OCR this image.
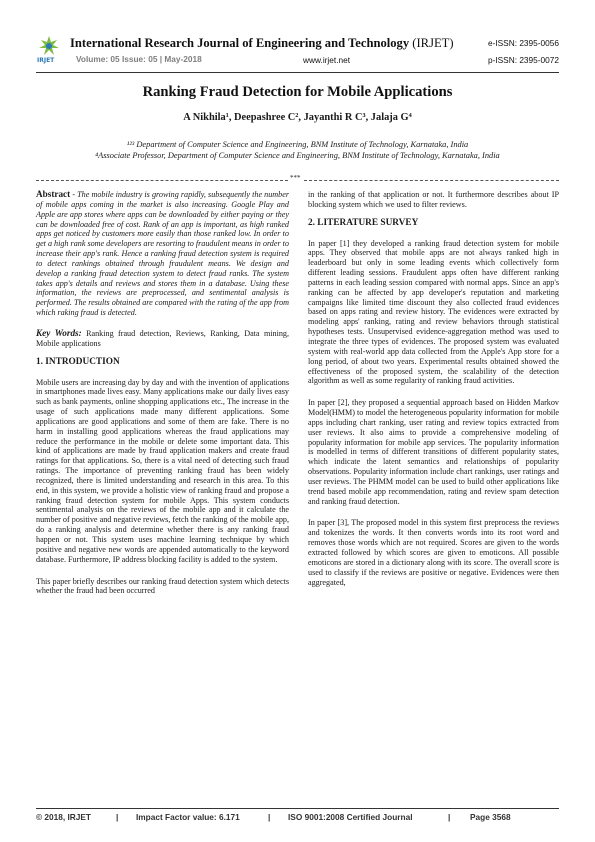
IRJET
International Research Journal of Engineering and Technology (IRJET)	e-ISSN: 2395-0056
Volume: 05 Issue: 05 | May-2018	www.irjet.net	p-ISSN: 2395-0072
Ranking Fraud Detection for Mobile Applications
A Nikhila¹, Deepashree C², Jayanthi R C³, Jalaja G⁴
¹²³ Department of Computer Science and Engineering, BNM Institute of Technology, Karnataka, India
⁴Associate Professor, Department of Computer Science and Engineering, BNM Institute of Technology, Karnataka, India
***

Abstract - The mobile industry is growing rapidly, subsequently the number of mobile apps coming in the market is also increasing. Google Play and Apple are app stores where apps can be downloaded by either paying or they can be downloaded free of cost. Rank of an app is important, as high ranked apps get noticed by customers more easily than those ranked low. In order to get a high rank some developers are resorting to fraudulent means in order to increase their app's rank. Hence a ranking fraud detection system is required to detect rankings obtained through fraudulent means. We design and develop a ranking fraud detection system to detect fraud ranks. The system takes app's details and reviews and stores them in a database. Using these information, the reviews are preprocessed, and sentimental analysis is performed. The results obtained are compared with the rating of the app from which raking fraud is detected.

Key Words: Ranking fraud detection, Reviews, Ranking, Data mining, Mobile applications

1. INTRODUCTION

Mobile users are increasing day by day and with the invention of applications in smartphones made lives easy. Many applications make our daily lives easy such as bank payments, online shopping applications etc., The increase in the usage of such applications made many different applications. Some applications are good applications and some of them are fake. There is no harm in installing good applications whereas the fraud applications may reduce the performance in the mobile or delete some important data. This kind of applications are made by fraud application makers and create fraud ratings for that applications. So, there is a vital need of detecting such fraud ratings. The importance of preventing ranking fraud has been widely recognized, there is limited understanding and research in this area. To this end, in this system, we provide a holistic view of ranking fraud and propose a ranking fraud detection system for mobile Apps. This system conducts sentimental analysis on the reviews of the mobile app and it calculate the number of positive and negative reviews, fetch the ranking of the mobile app, do a ranking analysis and determine whether there is any ranking fraud happen or not. This system uses machine learning technique by which positive and negative new words are appended automatically to the keyword database. Furthermore, IP address blocking facility is added to the system.

This paper briefly describes our ranking fraud detection system which detects whether the fraud had been occurred

in the ranking of that application or not. It furthermore describes about IP blocking system which we used to filter reviews.

2. LITERATURE SURVEY

In paper [1] they developed a ranking fraud detection system for mobile apps. They observed that mobile apps are not always ranked high in leaderboard but only in some leading events which collectively form different leading sessions. Fraudulent apps often have different ranking patterns in each leading session compared with normal apps. Since an app's ranking can be affected by app developer's reputation and marketing campaigns like limited time discount they also collected fraud evidences based on apps rating and review history. The evidences were extracted by modeling apps' ranking, rating and review behaviors through statistical hypotheses tests. Unsupervised evidence-aggregation method was used to integrate the three types of evidences. The proposed system was evaluated system with real-world app data collected from the Apple's App store for a long period, of about two years. Experimental results obtained showed the effectiveness of the proposed system, the scalability of the detection algorithm as well as some regularity of ranking fraud activities.

In paper [2], they proposed a sequential approach based on Hidden Markov Model(HMM) to model the heterogeneous popularity information for mobile apps including chart ranking, user rating and review topics extracted from user reviews. It also aims to provide a comprehensive modeling of popularity information for mobile app services. The popularity information is modelled in terms of different transitions of different popularity states, which indicate the latent semantics and relationships of popularity observations. Popularity information include chart rankings, user ratings and user reviews. The PHMM model can be used to build other applications like trend based mobile app recommendation, rating and review spam detection and ranking fraud detection.

In paper [3], The proposed model in this system first preprocess the reviews and tokenizes the words. It then converts words into its root word and removes those words which are not required. Scores are given to the words extracted followed by which scores are given to emoticons. All possible emoticons are stored in a dictionary along with its score. The overall score is used to classify if the reviews are positive or negative. Evidences were then aggregated,

© 2018, IRJET	| Impact Factor value: 6.171	| ISO 9001:2008 Certified Journal	| Page 3568
